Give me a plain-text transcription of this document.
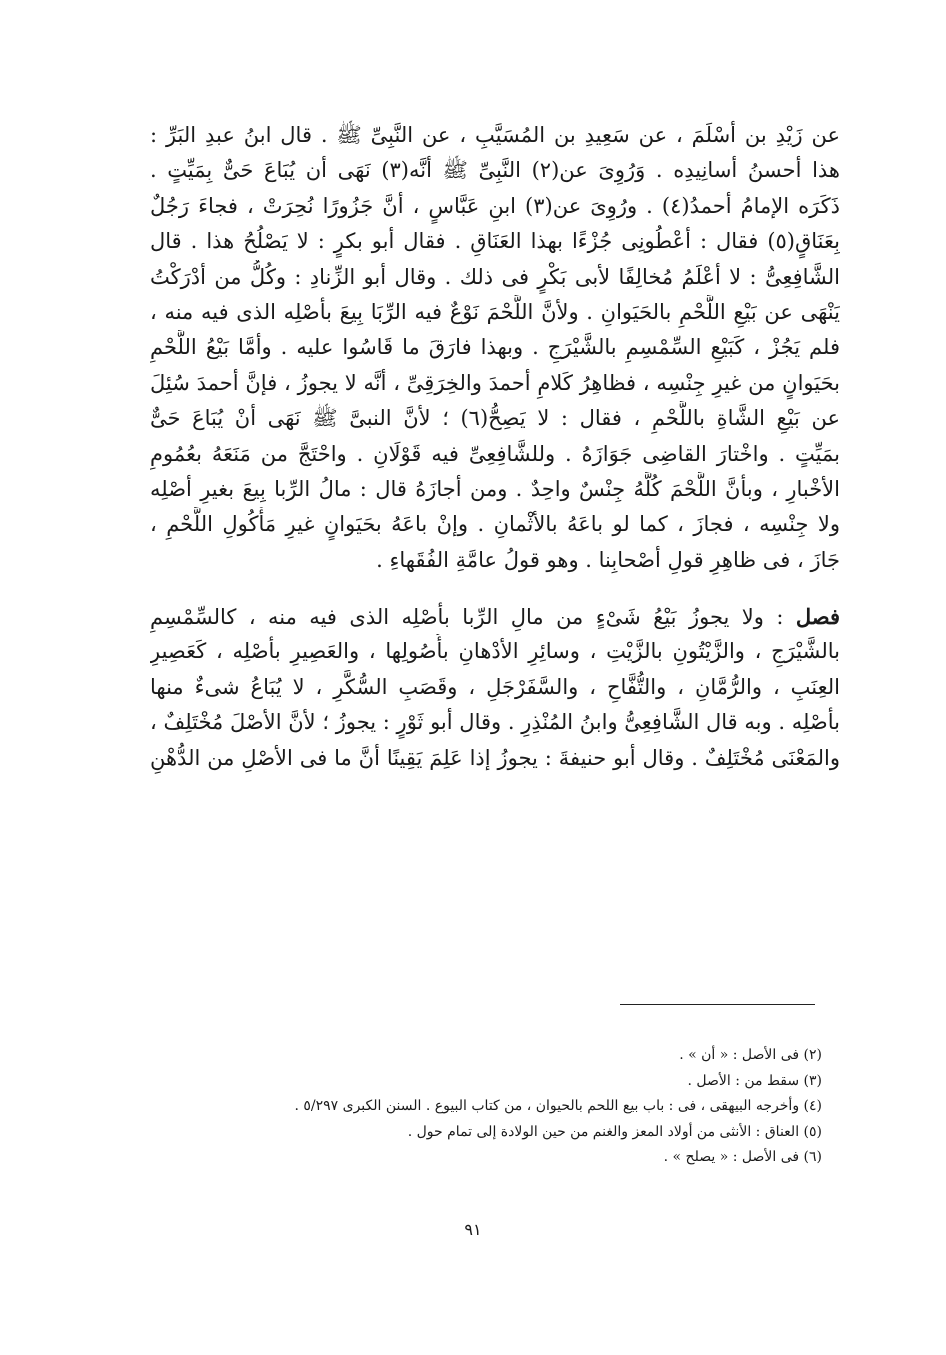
عن زَيْدِ بن أسْلَمَ ، عن سَعِيدِ بن المُسَيَّبِ ، عن النَّبِىِّ ﷺ . قال ابنُ عبدِ البَرِّ :
هذا أحسنُ أسانِيدِه . وَرُوِىَ عن(٢) النَّبِىِّ ﷺ أنَّه(٣) نَهَى أن يُبَاعَ حَىٌّ بِمَيِّتٍ .
ذَكَرَه الإمامُ أحمدُ(٤) . ورُوِىَ عن(٣) ابنِ عَبَّاسٍ ، أنَّ جَزُورًا نُحِرَتْ ، فجاءَ رَجُلٌ
بِعَنَاقٍ(٥) فقال : أعْطُونِى جُزْءًا بهذا العَنَاقِ . فقال أبو بكرٍ : لا يَصْلُحُ هذا . قال
الشَّافِعِىُّ : لا أعْلَمُ مُخالِفًا لأبى بَكْرٍ فى ذلك . وقال أبو الزِّنادِ : وكُلُّ من أدْرَكْتُ
يَنْهَى عن بَيْعِ اللَّحْمِ بالحَيَوانِ . ولأنَّ اللَّحْمَ نَوْعٌ فيه الرِّبَا بِيعَ بأصْلِه الذى فيه منه ،
فلم يَجُزْ ، كَبَيْعِ السِّمْسِمِ بالشَّيْرَجِ . وبهذا فارَقَ ما قَاسُوا عليه . وأمَّا بَيْعُ اللَّحْمِ
بحَيَوانٍ من غيرِ جِنْسِه ، فظاهِرُ كَلامِ أحمدَ والخِرَقِىِّ ، أنَّه لا يجوزُ ، فإنَّ أحمدَ سُئِلَ
عن بَيْعِ الشَّاةِ باللَّحْمِ ، فقال : لا يَصِحُّ(٦) ؛ لأنَّ النبىَّ ﷺ نَهَى أنْ يُبَاعَ حَىٌّ
بمَيِّتٍ . واخْتارَ القاضِى جَوَازَهُ . وللشَّافِعِىِّ فيه قَوْلَانِ . واحْتَجَّ من مَنَعَهُ بعُمُومِ
الأخْبارِ ، وبأنَّ اللَّحْمَ كُلَّهُ جِنْسٌ واحِدٌ . ومن أجازَهُ قال : مالُ الرِّبا بِيعَ بغيرِ أصْلِه
ولا جِنْسِه ، فجازَ ، كما لو باعَهُ بالأثْمانِ . وإنْ باعَهُ بحَيَوانٍ غيرِ مَأْكُولِ اللَّحْمِ ،
جَازَ ، فى ظاهِرِ قولِ أصْحابِنا . وهو قولُ عامَّةِ الفُقَهاءِ .
فصل : ولا يجوزُ بَيْعُ شَىْءٍ من مالِ الرِّبا بأصْلِه الذى فيه منه ، كالسِّمْسِمِ
بالشَّيْرَجِ ، والزَّيْتُونِ بالزَّيْتِ ، وسائِرِ الأدْهانِ بأُصُولِها ، والعَصِيرِ بأصْلِه ، كَعَصِيرِ
العِنَبِ ، والرُّمَّانِ ، والتُّفَّاحِ ، والسَّفَرْجَلِ ، وقَصَبِ السُّكَّرِ ، لا يُبَاعُ شىءٌ منها
بأصْلِه . وبه قال الشَّافِعِىُّ وابنُ المُنْذِرِ . وقال أبو ثَوْرٍ : يجوزُ ؛ لأنَّ الأصْلَ مُخْتَلِفٌ ،
والمَعْنَى مُخْتَلِفٌ . وقال أبو حنيفةَ : يجوزُ إذا عَلِمَ يَقِينًا أنَّ ما فى الأصْلِ من الدُّهْنِ
(٢) فى الأصل : « أن » .
(٣) سقط من : الأصل .
(٤) وأخرجه البيهقى ، فى : باب بيع اللحم بالحيوان ، من كتاب البيوع . السنن الكبرى ٥/٢٩٧ .
(٥) العناق : الأنثى من أولاد المعز والغنم من حين الولادة إلى تمام حول .
(٦) فى الأصل : « يصلح » .
٩١
